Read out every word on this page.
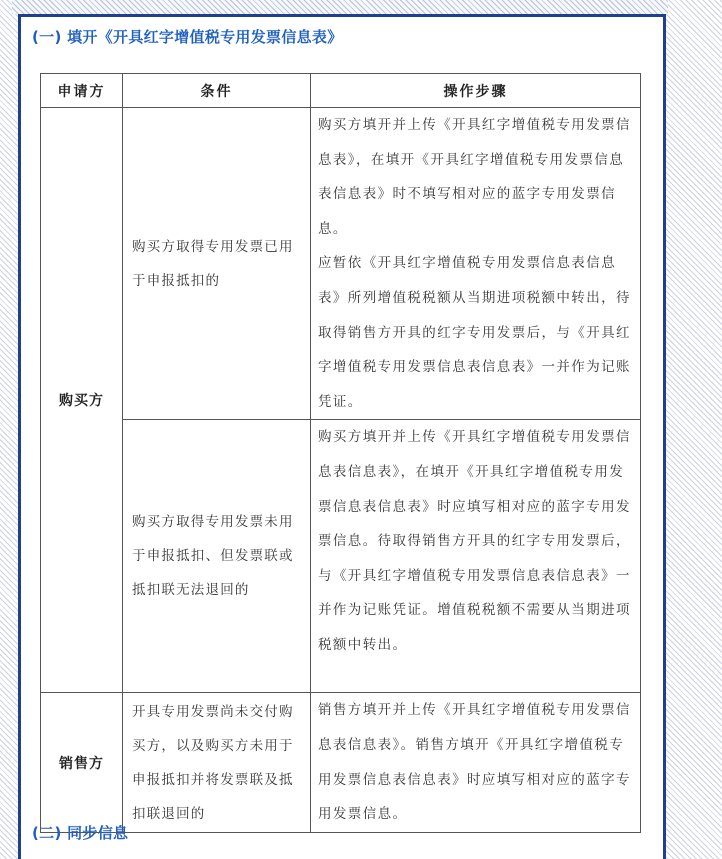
(一) 填开《开具红字增值税专用发票信息表》
申请方	条件	操作步骤
购买方	购买方取得专用发票已用于申报抵扣的	购买方填开并上传《开具红字增值税专用发票信息表》，在填开《开具红字增值税专用发票信息表信息表》时不填写相对应的蓝字专用发票信息。

应暂依《开具红字增值税专用发票信息表信息表》所列增值税税额从当期进项税额中转出，待取得销售方开具的红字专用发票后，与《开具红字增值税专用发票信息表信息表》一并作为记账凭证。

	购买方取得专用发票未用于申报抵扣、但发票联或抵扣联无法退回的	购买方填开并上传《开具红字增值税专用发票信息表信息表》，在填开《开具红字增值税专用发票信息表信息表》时应填写相对应的蓝字专用发票信息。待取得销售方开具的红字专用发票后，与《开具红字增值税专用发票信息表信息表》一并作为记账凭证。增值税税额不需要从当期进项税额中转出。
销售方	开具专用发票尚未交付购买方，以及购买方未用于申报抵扣并将发票联及抵扣联退回的	销售方填开并上传《开具红字增值税专用发票信息表信息表》。销售方填开《开具红字增值税专用发票信息表信息表》时应填写相对应的蓝字专用发票信息。
(二) 同步信息
